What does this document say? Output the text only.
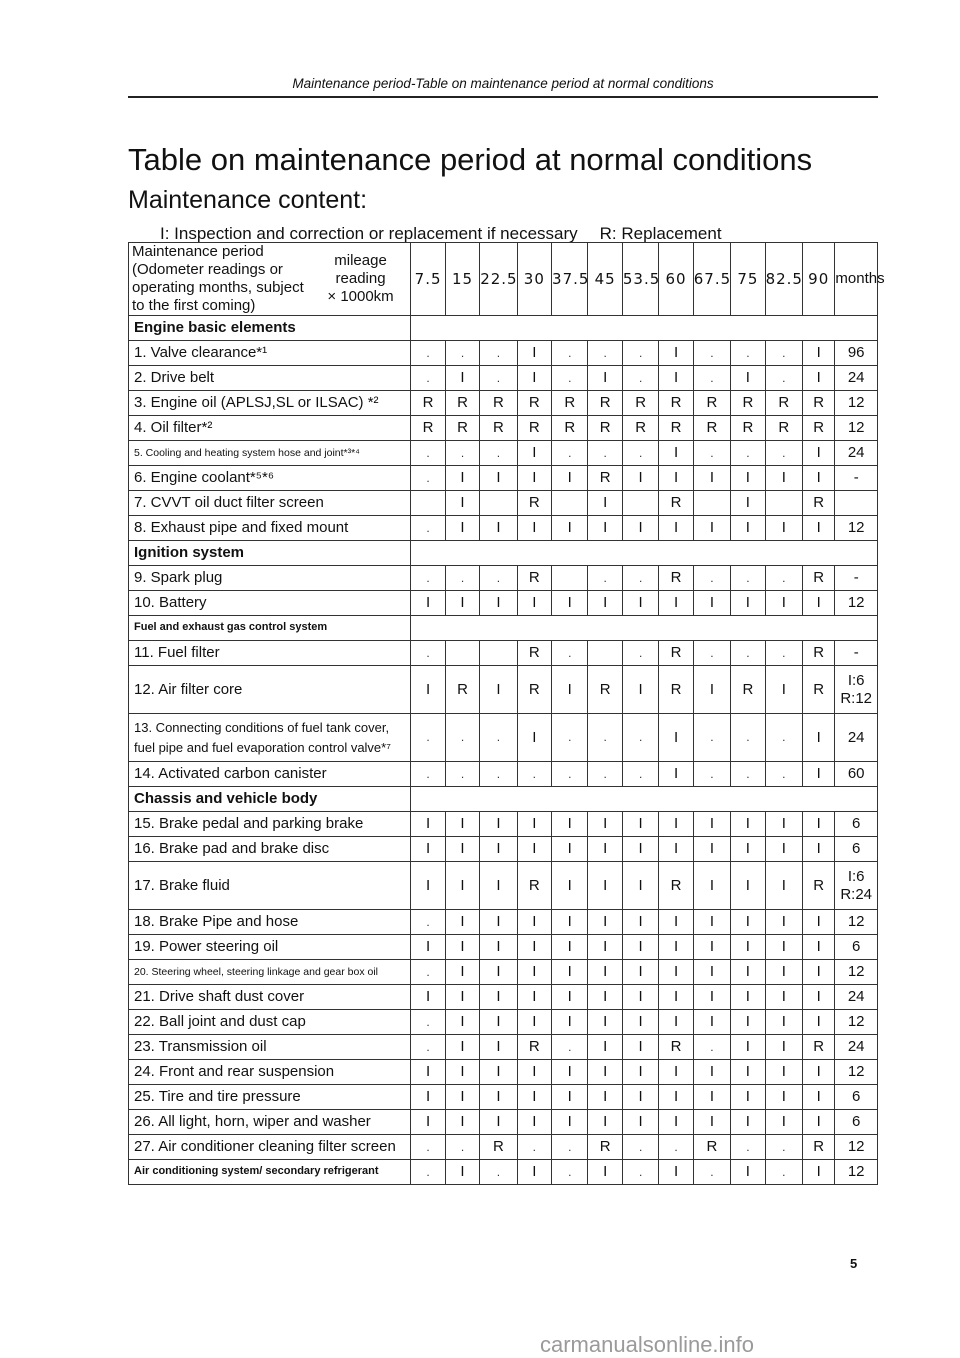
Maintenance period-Table on maintenance period at normal conditions
Table on maintenance period at normal conditions
Maintenance content:
I: Inspection and correction or replacement if necessary R: Replacement
Maintenance period (Odometer readings or operating months, subject to the first coming)	mileage
reading
× 1000km	7.5	15	22.5	30	37.5	45	53.5	60	67.5	75	82.5	90	months
Engine basic elements														
1. Valve clearance*¹		.	.	.	I	.	.	.	I	.	.	.	I	96
2. Drive belt		.	I	.	I	.	I	.	I	.	I	.	I	24
3. Engine oil (APLSJ,SL or ILSAC) *²		R	R	R	R	R	R	R	R	R	R	R	R	12
4. Oil filter*²		R	R	R	R	R	R	R	R	R	R	R	R	12
5. Cooling and heating system hose and joint*³*⁴		.	.	.	I	.	.	.	I	.	.	.	I	24
6. Engine coolant*⁵*⁶		.	I	I	I	I	R	I	I	I	I	I	I	-
7. CVVT oil duct filter screen			I		R		I		R		I		R	
8. Exhaust pipe and fixed mount		.	I	I	I	I	I	I	I	I	I	I	I	12
Ignition system														
9. Spark plug		.	.	.	R		.	.	R	.	.	.	R	-
10. Battery		I	I	I	I	I	I	I	I	I	I	I	I	12
Fuel and exhaust gas control system														
11. Fuel filter		.			R	.		.	R	.	.	.	R	-
12. Air filter core		I	R	I	R	I	R	I	R	I	R	I	R	I:6
R:12
13. Connecting conditions of fuel tank cover, fuel pipe and fuel evaporation control valve*⁷		.	.	.	I	.	.	.	I	.	.	.	I	24
14. Activated carbon canister		.	.	.	.	.	.	.	I	.	.	.	I	60
Chassis and vehicle body														
15. Brake pedal and parking brake		I	I	I	I	I	I	I	I	I	I	I	I	6
16. Brake pad and brake disc		I	I	I	I	I	I	I	I	I	I	I	I	6
17. Brake fluid		I	I	I	R	I	I	I	R	I	I	I	R	I:6
R:24
18. Brake Pipe and hose		.	I	I	I	I	I	I	I	I	I	I	I	12
19. Power steering oil		I	I	I	I	I	I	I	I	I	I	I	I	6
20. Steering wheel, steering linkage and gear box oil		.	I	I	I	I	I	I	I	I	I	I	I	12
21. Drive shaft dust cover		I	I	I	I	I	I	I	I	I	I	I	I	24
22. Ball joint and dust cap		.	I	I	I	I	I	I	I	I	I	I	I	12
23. Transmission oil		.	I	I	R	.	I	I	R	.	I	I	R	24
24. Front and rear suspension		I	I	I	I	I	I	I	I	I	I	I	I	12
25. Tire and tire pressure		I	I	I	I	I	I	I	I	I	I	I	I	6
26. All light, horn, wiper and washer		I	I	I	I	I	I	I	I	I	I	I	I	6
27. Air conditioner cleaning filter screen		.	.	R	.	.	R	.	.	R	.	.	R	12
Air conditioning system/ secondary refrigerant		.	I	.	I	.	I	.	I	.	I	.	I	12
5
carmanualsonline.info
